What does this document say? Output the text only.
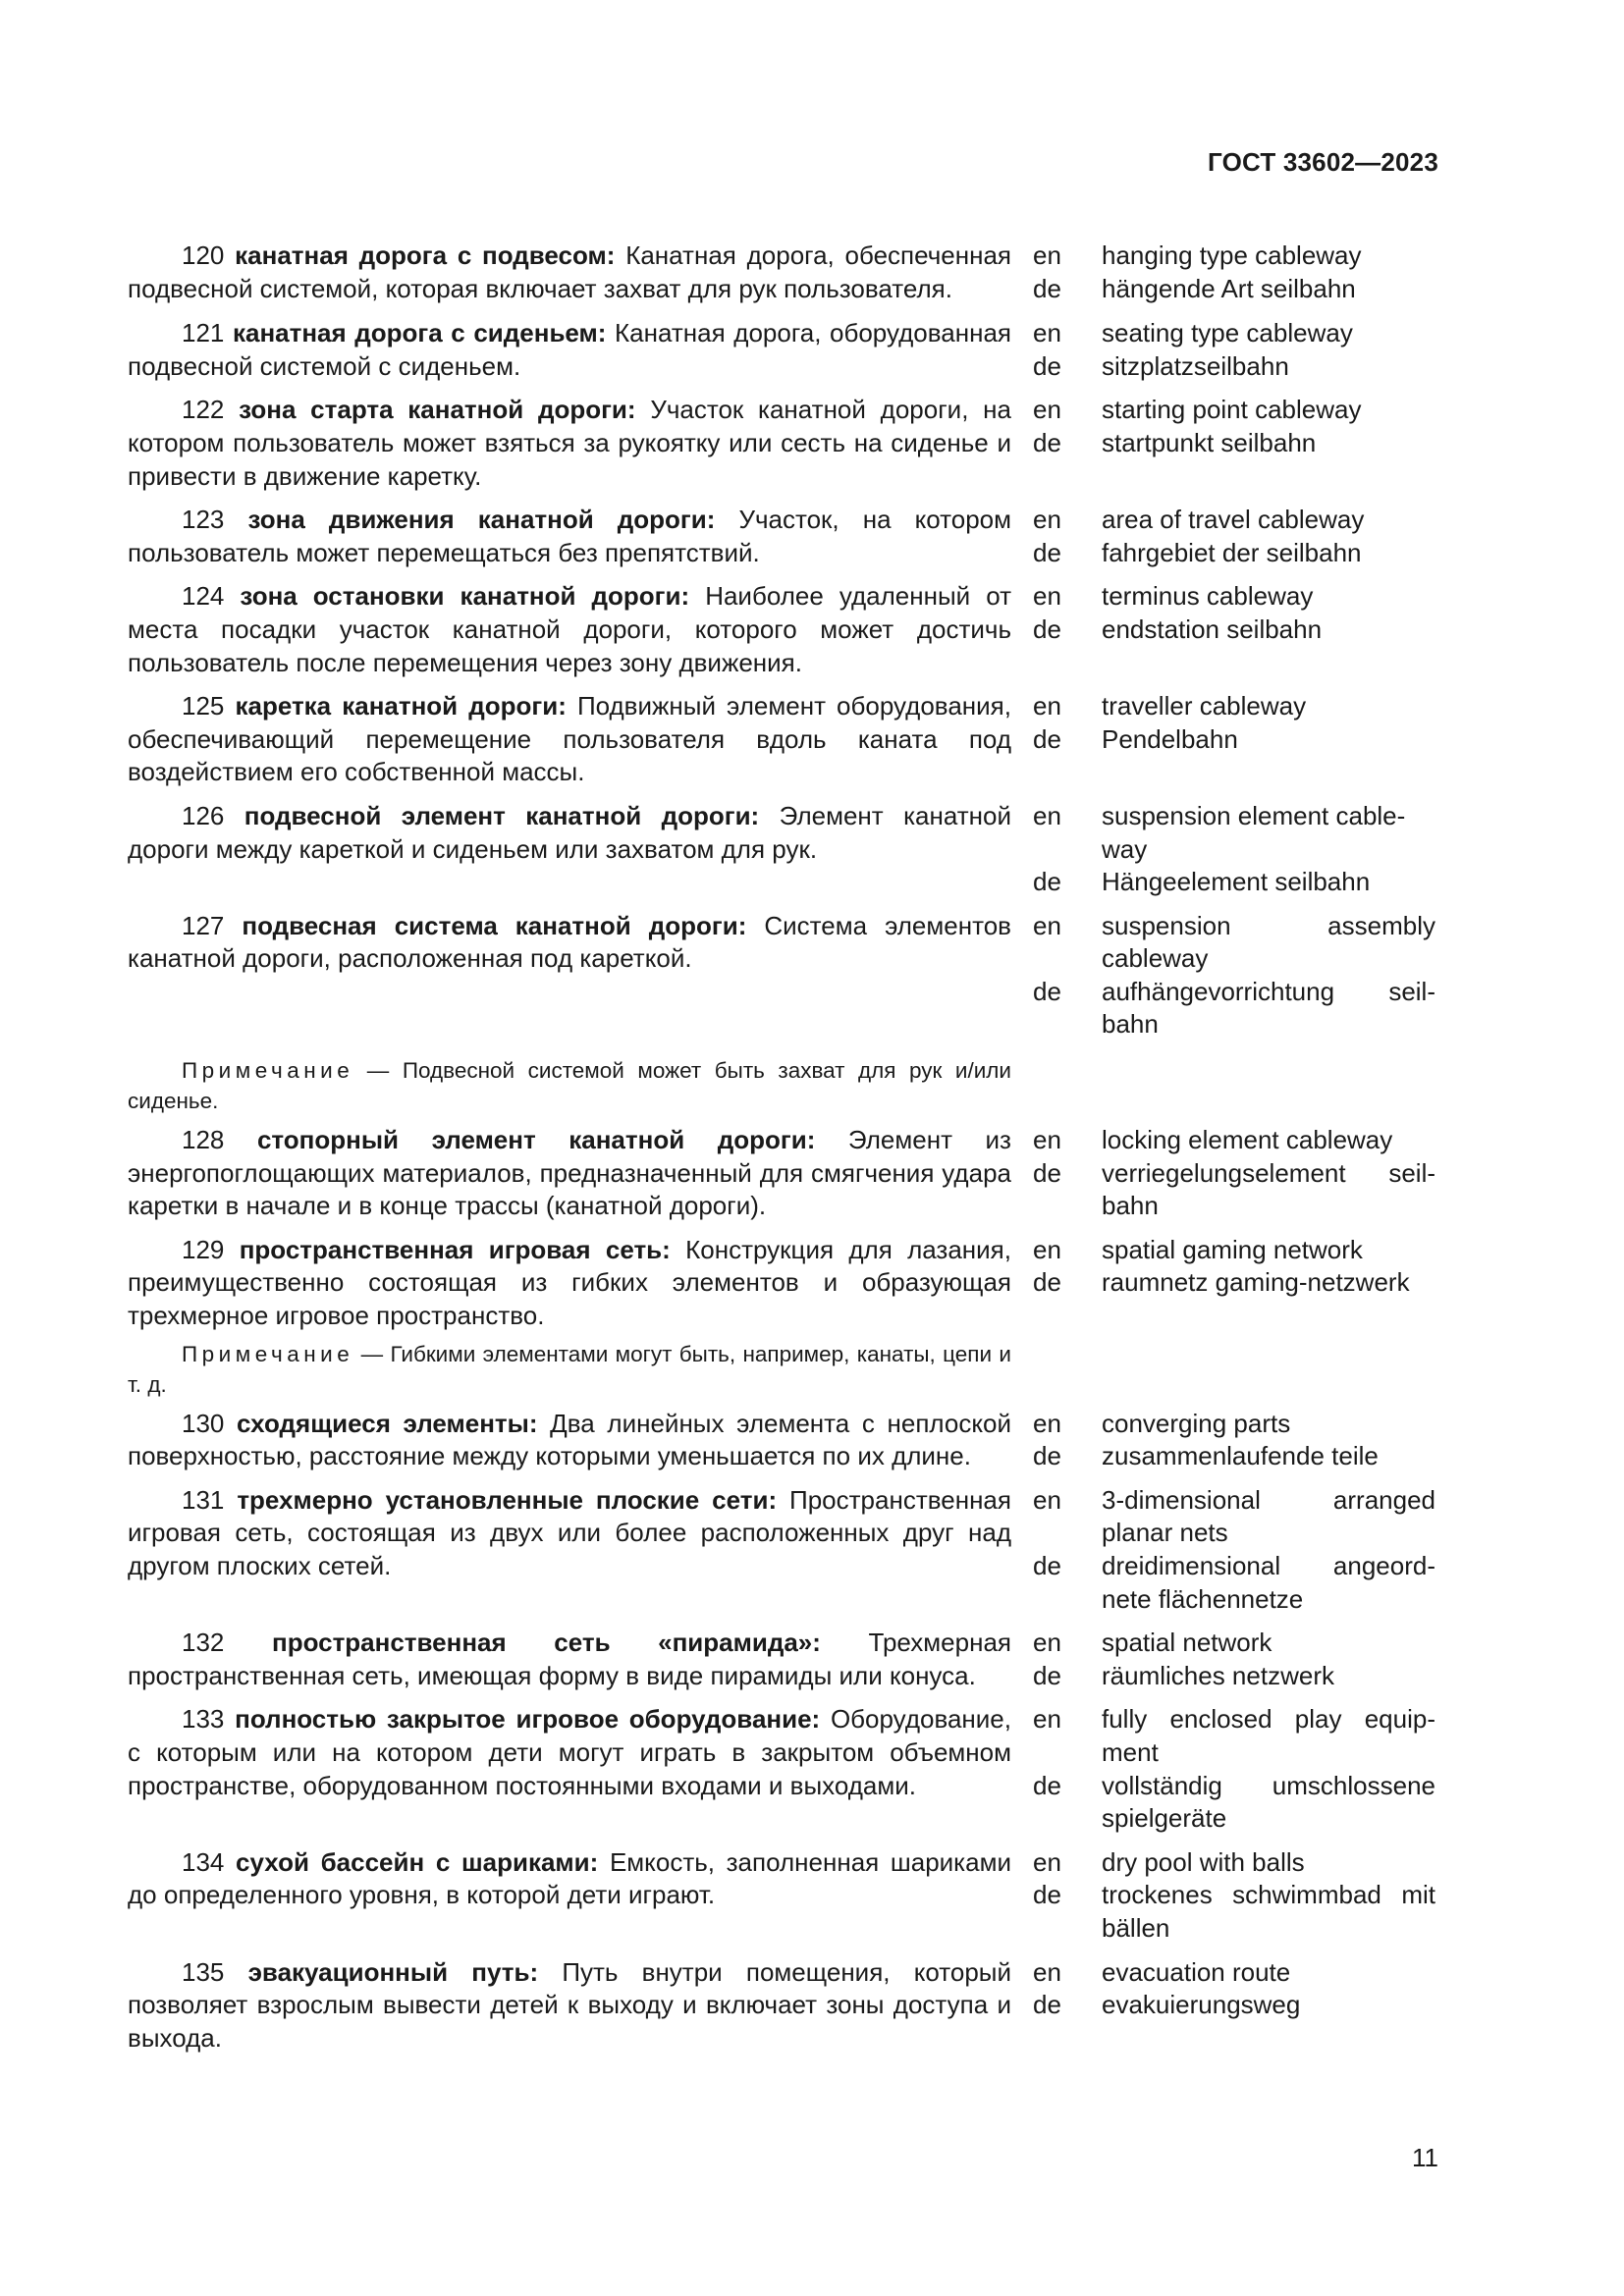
ГОСТ 33602—2023
120 канатная дорога с подвесом: Канатная дорога, обеспеченная подвесной системой, которая включает захват для рук пользователя.
en	hanging type cableway
de	hängende Art seilbahn
121 канатная дорога с сиденьем: Канатная дорога, оборудованная подвесной системой с сиденьем.
en	seating type cableway
de	sitzplatzseilbahn
122 зона старта канатной дороги: Участок канатной дороги, на котором пользователь может взяться за рукоятку или сесть на сиденье и привести в движение каретку.
en	starting point cableway
de	startpunkt seilbahn
123 зона движения канатной дороги: Участок, на котором пользователь может перемещаться без препятствий.
en	area of travel cableway
de	fahrgebiet der seilbahn
124 зона остановки канатной дороги: Наиболее удаленный от места посадки участок канатной дороги, которого может достичь пользователь после перемещения через зону движения.
en	terminus cableway
de	endstation seilbahn
125 каретка канатной дороги: Подвижный элемент оборудования, обеспечивающий перемещение пользователя вдоль каната под воздействием его собственной массы.
en	traveller cableway
de	Pendelbahn
126 подвесной элемент канатной дороги: Элемент канатной дороги между кареткой и сиденьем или захватом для рук.
en	suspension element cable-
way
de	Hängeelement seilbahn
127 подвесная система канатной дороги: Система элементов канатной дороги, расположенная под кареткой.
en	suspension assembly
cableway
de	aufhängevorrichtung seil-
bahn
Примечание — Подвесной системой может быть захват для рук и/или сиденье.
128 стопорный элемент канатной дороги: Элемент из энергопоглощающих материалов, предназначенный для смягчения удара каретки в начале и в конце трассы (канатной дороги).
en	locking element cableway
de	verriegelungselement seil-
bahn
129 пространственная игровая сеть: Конструкция для лазания, преимущественно состоящая из гибких элементов и образующая трехмерное игровое пространство.
en	spatial gaming network
de	raumnetz gaming-netzwerk
Примечание — Гибкими элементами могут быть, например, канаты, цепи и т. д.
130 сходящиеся элементы: Два линейных элемента с неплоской поверхностью, расстояние между которыми уменьшается по их длине.
en	converging parts
de	zusammenlaufende teile
131 трехмерно установленные плоские сети: Пространственная игровая сеть, состоящая из двух или более расположенных друг над другом плоских сетей.
en	3-dimensional arranged
planar nets
de	dreidimensional angeord-
nete flächennetze
132 пространственная сеть «пирамида»: Трехмерная пространственная сеть, имеющая форму в виде пирамиды или конуса.
en	spatial network
de	räumliches netzwerk
133 полностью закрытое игровое оборудование: Оборудование, с которым или на котором дети могут играть в закрытом объемном пространстве, оборудованном постоянными входами и выходами.
en	fully enclosed play equip-
ment
de	vollständig umschlossene
spielgeräte
134 сухой бассейн с шариками: Емкость, заполненная шариками до определенного уровня, в которой дети играют.
en	dry pool with balls
de	trockenes schwimmbad mit
bällen
135 эвакуационный путь: Путь внутри помещения, который позволяет взрослым вывести детей к выходу и включает зоны доступа и выхода.
en	evacuation route
de	evakuierungsweg
11
